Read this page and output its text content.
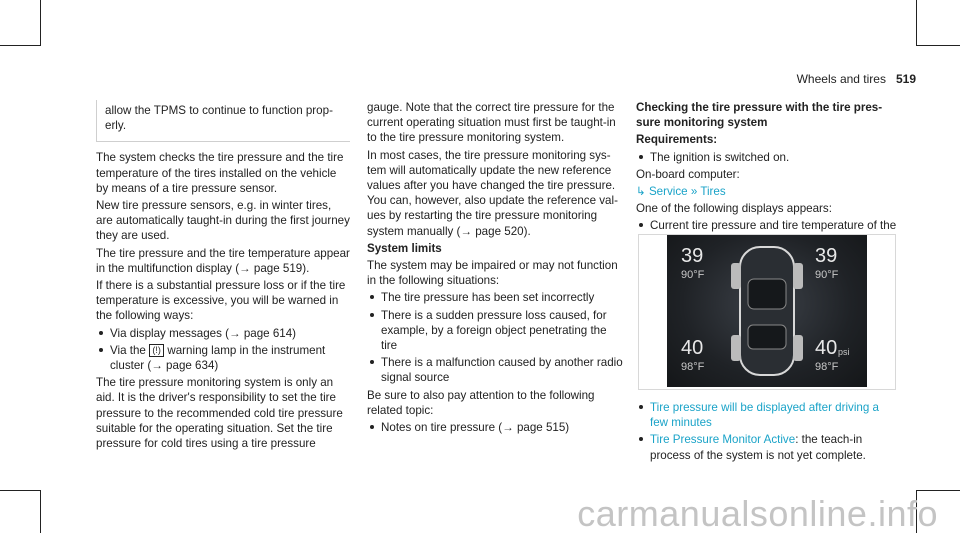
Wheels and tires 519

allow the TPMS to continue to function properly.

The system checks the tire pressure and the tire temperature of the tires installed on the vehicle by means of a tire pressure sensor.

New tire pressure sensors, e.g. in winter tires, are automatically taught-in during the first journey they are used.

The tire pressure and the tire temperature appear in the multifunction display (→ page 519).

If there is a substantial pressure loss or if the tire temperature is excessive, you will be warned in the following ways:

Via display messages (→ page 614)
Via the (!) warning lamp in the instrument cluster (→ page 634)

The tire pressure monitoring system is only an aid. It is the driver's responsibility to set the tire pressure to the recommended cold tire pressure suitable for the operating situation. Set the tire pressure for cold tires using a tire pressure

gauge. Note that the correct tire pressure for the current operating situation must first be taught-in to the tire pressure monitoring system.

In most cases, the tire pressure monitoring system will automatically update the new reference values after you have changed the tire pressure. You can, however, also update the reference values by restarting the tire pressure monitoring system manually (→ page 520).

System limits

The system may be impaired or may not function in the following situations:

The tire pressure has been set incorrectly
There is a sudden pressure loss caused, for example, by a foreign object penetrating the tire
There is a malfunction caused by another radio signal source

Be sure to also pay attention to the following related topic:

Notes on tire pressure (→ page 515)

Checking the tire pressure with the tire pressure monitoring system

Requirements:

The ignition is switched on.

On-board computer:

↳ Service » Tires

One of the following displays appears:

Current tire pressure and tire temperature of the
39
90°F
39
90°F
40
98°F
40 psi
98°F
Tire pressure will be displayed after driving a few minutes
Tire Pressure Monitor Active: the teach-in process of the system is not yet complete.
carmanualsonline.info
